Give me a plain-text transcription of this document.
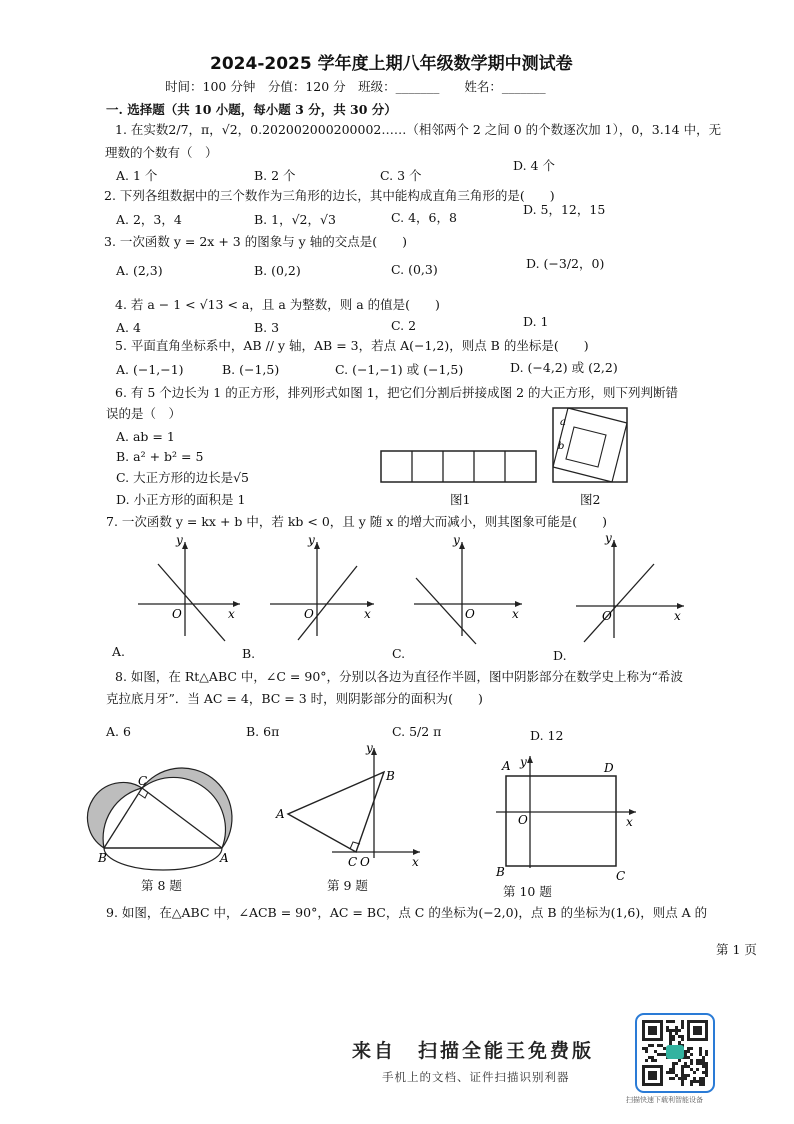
2024-2025 学年度上期八年级数学期中测试卷
时间：100 分钟　分值：120 分　班级：_______　　姓名：_______
一. 选择题（共 10 小题，每小题 3 分，共 30 分）
1. 在实数2/7，π，√2，0.202002000200002……（相邻两个 2 之间 0 的个数逐次加 1），0，3.14 中，无
理数的个数有（　）
A. 1 个	B. 2 个	C. 3 个
D. 4 个
2. 下列各组数据中的三个数作为三角形的边长，其中能构成直角三角形的是(　　)
A. 2，3，4	B. 1，√2，√3	C. 4，6，8
D. 5，12，15
3. 一次函数 y = 2x + 3 的图象与 y 轴的交点是(　　)
A. (2,3)	B. (0,2)	C. (0,3)	D. (−3/2，0)
4. 若 a − 1 < √13 < a，且 a 为整数，则 a 的值是(　　)
A. 4	B. 3	C. 2	D. 1
5. 平面直角坐标系中，AB // y 轴，AB = 3，若点 A(−1,2)，则点 B 的坐标是(　　)
A. (−1,−1)	B. (−1,5)	C. (−1,−1) 或 (−1,5)	D. (−4,2) 或 (2,2)
6. 有 5 个边长为 1 的正方形，排列形式如图 1，把它们分割后拼接成图 2 的大正方形，则下列判断错
误的是（　）
A. ab = 1
B. a² + b² = 5
C. 大正方形的边长是√5
D. 小正方形的面积是 1	图1
a
b
图2
7. 一次函数 y = kx + b 中，若 kb < 0，且 y 随 x 的增大而减小，则其图象可能是(　　)
y
x
O
A.
y
x
O
B.
y
x
O
C.
y
x
O
D.
8. 如图，在 Rt△ABC 中，∠C = 90°，分别以各边为直径作半圆，图中阴影部分在数学史上称为“希波
克拉底月牙”．当 AC = 4，BC = 3 时，则阴影部分的面积为(　　)
A. 6	B. 6π	C. 5/2 π	D. 12
C
B	A
第 8 题
y
B
A
C O	x
第 9 题
A y	D
O	x
B	C
第 10 题
9. 如图，在△ABC 中，∠ACB = 90°，AC = BC，点 C 的坐标为(−2,0)，点 B 的坐标为(1,6)，则点 A 的
第 1 页
来自　扫描全能王免费版
手机上的文档、证件扫描识别利器
扫描快速下载利智能设备
